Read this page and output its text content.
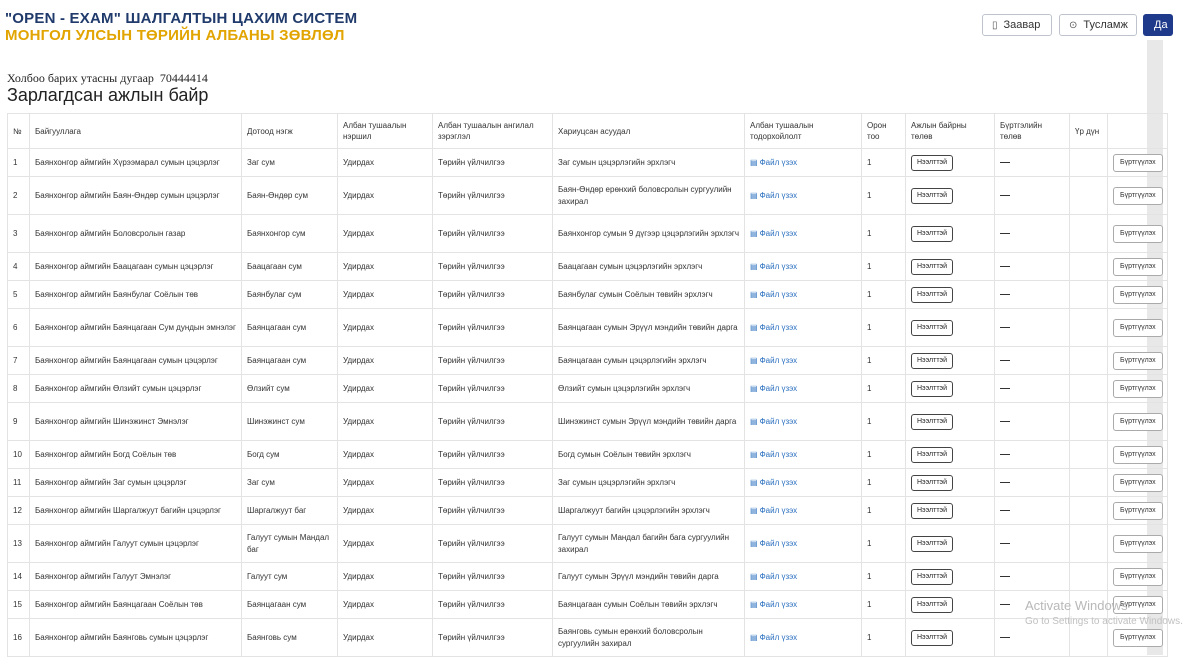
"OPEN - EXAM" ШАЛГАЛТЫН ЦАХИМ СИСТЕМ
МОНГОЛ УЛСЫН ТӨРИЙН АЛБАНЫ ЗӨВЛӨЛ
▯ Заавар	⊙ Тусламж Да
Холбоо барих утасны дугаар 70444414
Зарлагдсан ажлын байр
№	Байгууллага	Дотоод нэгж	Албан тушаалын нэршил	Албан тушаалын ангилал зэрэглэл	Хариуцсан асуудал	Албан тушаалын тодорхойлолт	Орон тоо	Ажлын байрны төлөв	Бүртгэлийн төлөв	Үр дүн	
1	Баянхонгор аймгийн Хүрээмарал сумын цэцэрлэг	Заг сум	Удирдах	Төрийн үйлчилгээ	Заг сумын цэцэрлэгийн эрхлэгч	▤ Файл үзэх	1	Нээлттэй	—		Бүртгүүлэх
2	Баянхонгор аймгийн Баян-Өндөр сумын цэцэрлэг	Баян-Өндөр сум	Удирдах	Төрийн үйлчилгээ	Баян-Өндөр ерөнхий боловсролын сургуулийн захирал	▤ Файл үзэх	1	Нээлттэй	—		Бүртгүүлэх
3	Баянхонгор аймгийн Боловсролын газар	Баянхонгор сум	Удирдах	Төрийн үйлчилгээ	Баянхонгор сумын 9 дүгээр цэцэрлэгийн эрхлэгч	▤ Файл үзэх	1	Нээлттэй	—		Бүртгүүлэх
4	Баянхонгор аймгийн Баацагаан сумын цэцэрлэг	Баацагаан сум	Удирдах	Төрийн үйлчилгээ	Баацагаан сумын цэцэрлэгийн эрхлэгч	▤ Файл үзэх	1	Нээлттэй	—		Бүртгүүлэх
5	Баянхонгор аймгийн Баянбулаг Соёлын төв	Баянбулаг сум	Удирдах	Төрийн үйлчилгээ	Баянбулаг сумын Соёлын төвийн эрхлэгч	▤ Файл үзэх	1	Нээлттэй	—		Бүртгүүлэх
6	Баянхонгор аймгийн Баянцагаан Сум дундын эмнэлэг	Баянцагаан сум	Удирдах	Төрийн үйлчилгээ	Баянцагаан сумын Эрүүл мэндийн төвийн дарга	▤ Файл үзэх	1	Нээлттэй	—		Бүртгүүлэх
7	Баянхонгор аймгийн Баянцагаан сумын цэцэрлэг	Баянцагаан сум	Удирдах	Төрийн үйлчилгээ	Баянцагаан сумын цэцэрлэгийн эрхлэгч	▤ Файл үзэх	1	Нээлттэй	—		Бүртгүүлэх
8	Баянхонгор аймгийн Өлзийт сумын цэцэрлэг	Өлзийт сум	Удирдах	Төрийн үйлчилгээ	Өлзийт сумын цэцэрлэгийн эрхлэгч	▤ Файл үзэх	1	Нээлттэй	—		Бүртгүүлэх
9	Баянхонгор аймгийн Шинэжинст Эмнэлэг	Шинэжинст сум	Удирдах	Төрийн үйлчилгээ	Шинэжинст сумын Эрүүл мэндийн төвийн дарга	▤ Файл үзэх	1	Нээлттэй	—		Бүртгүүлэх
10	Баянхонгор аймгийн Богд Соёлын төв	Богд сум	Удирдах	Төрийн үйлчилгээ	Богд сумын Соёлын төвийн эрхлэгч	▤ Файл үзэх	1	Нээлттэй	—		Бүртгүүлэх
11	Баянхонгор аймгийн Заг сумын цэцэрлэг	Заг сум	Удирдах	Төрийн үйлчилгээ	Заг сумын цэцэрлэгийн эрхлэгч	▤ Файл үзэх	1	Нээлттэй	—		Бүртгүүлэх
12	Баянхонгор аймгийн Шаргалжуут багийн цэцэрлэг	Шаргалжуут баг	Удирдах	Төрийн үйлчилгээ	Шаргалжуут багийн цэцэрлэгийн эрхлэгч	▤ Файл үзэх	1	Нээлттэй	—		Бүртгүүлэх
13	Баянхонгор аймгийн Галуут сумын цэцэрлэг	Галуут сумын Мандал баг	Удирдах	Төрийн үйлчилгээ	Галуут сумын Мандал багийн бага сургуулийн захирал	▤ Файл үзэх	1	Нээлттэй	—		Бүртгүүлэх
14	Баянхонгор аймгийн Галуут Эмнэлэг	Галуут сум	Удирдах	Төрийн үйлчилгээ	Галуут сумын Эрүүл мэндийн төвийн дарга	▤ Файл үзэх	1	Нээлттэй	—		Бүртгүүлэх
15	Баянхонгор аймгийн Баянцагаан Соёлын төв	Баянцагаан сум	Удирдах	Төрийн үйлчилгээ	Баянцагаан сумын Соёлын төвийн эрхлэгч	▤ Файл үзэх	1	Нээлттэй	—		Бүртгүүлэх
16	Баянхонгор аймгийн Баянговь сумын цэцэрлэг	Баянговь сум	Удирдах	Төрийн үйлчилгээ	Баянговь сумын ерөнхий боловсролын сургуулийн захирал	▤ Файл үзэх	1	Нээлттэй	—		Бүртгүүлэх
Activate Windows
Go to Settings to activate Windows.
